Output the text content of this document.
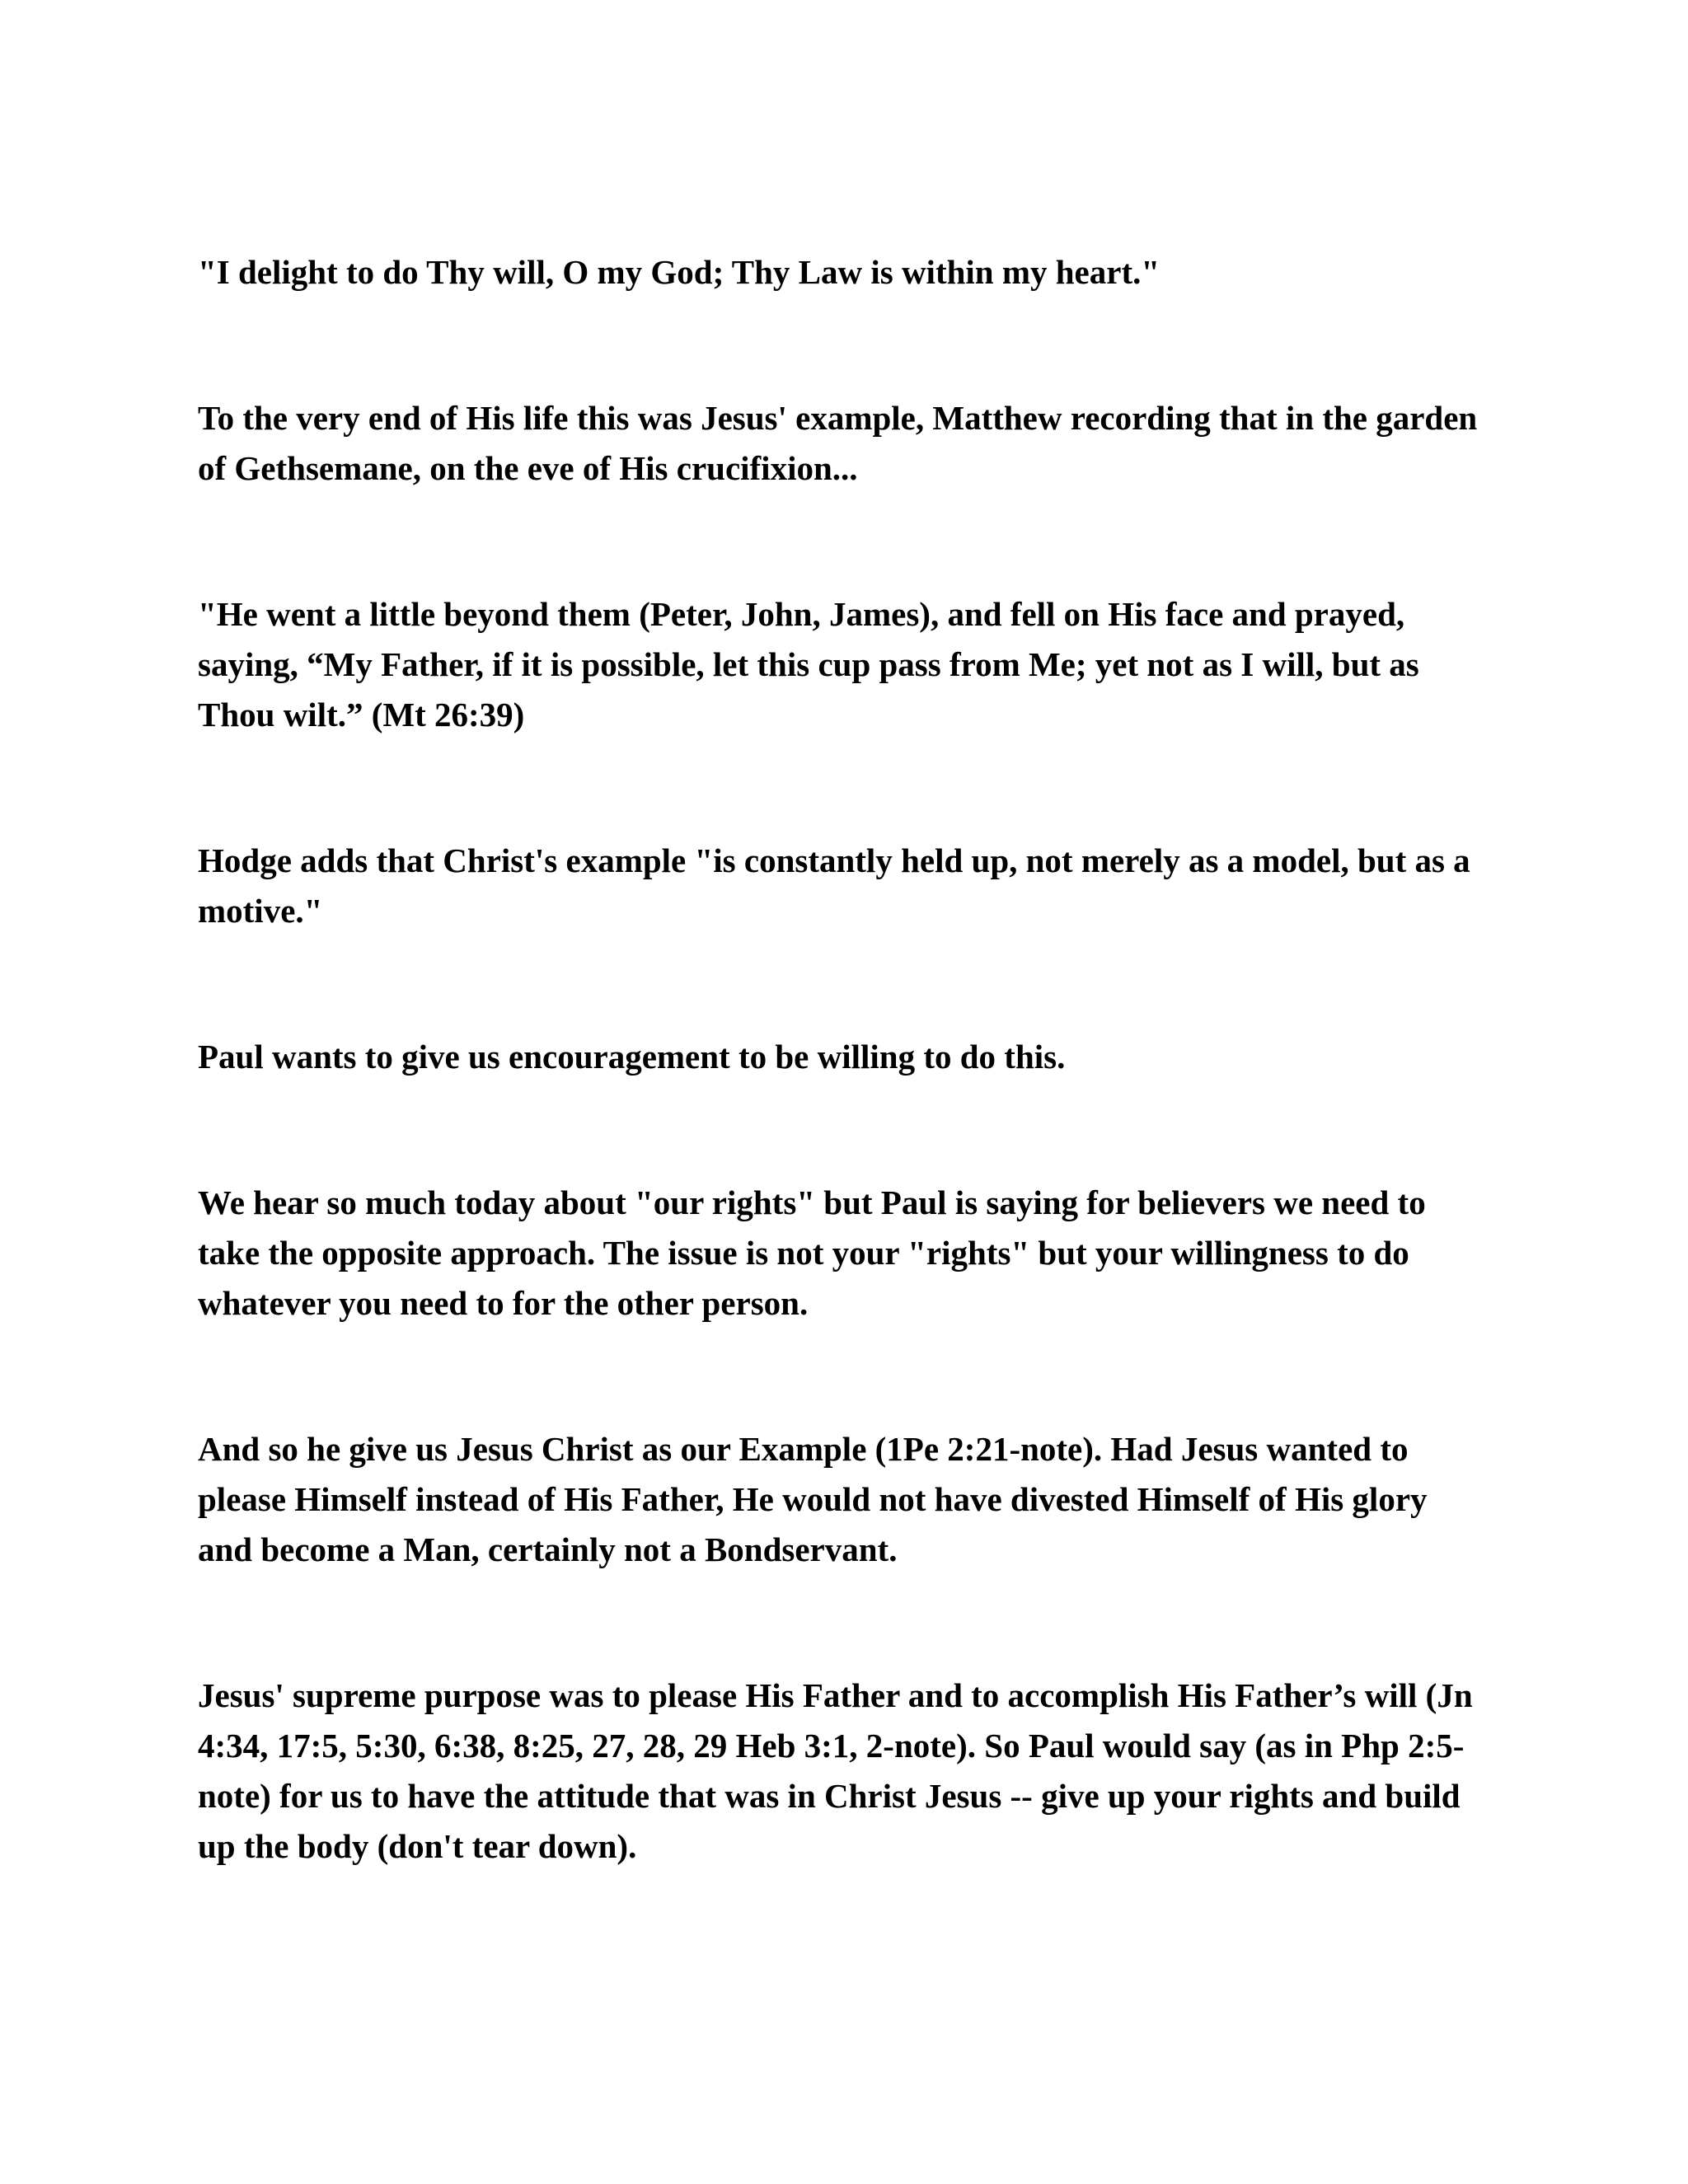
"I delight to do Thy will, O my God; Thy Law is within my heart."

To the very end of His life this was Jesus' example, Matthew recording that in the garden of Gethsemane, on the eve of His crucifixion...

"He went a little beyond them (Peter, John, James), and fell on His face and prayed, saying, “My Father, if it is possible, let this cup pass from Me; yet not as I will, but as Thou wilt.” (Mt 26:39)

Hodge adds that Christ's example "is constantly held up, not merely as a model, but as a motive."

Paul wants to give us encouragement to be willing to do this.

We hear so much today about "our rights" but Paul is saying for believers we need to take the opposite approach. The issue is not your "rights" but your willingness to do whatever you need to for the other person.

And so he give us Jesus Christ as our Example (1Pe 2:21-note). Had Jesus wanted to please Himself instead of His Father, He would not have divested Himself of His glory and become a Man, certainly not a Bondservant.

Jesus' supreme purpose was to please His Father and to accomplish His Father’s will (Jn 4:34, 17:5, 5:30, 6:38, 8:25, 27, 28, 29 Heb 3:1, 2-note). So Paul would say (as in Php 2:5-note) for us to have the attitude that was in Christ Jesus -- give up your rights and build up the body (don't tear down).
